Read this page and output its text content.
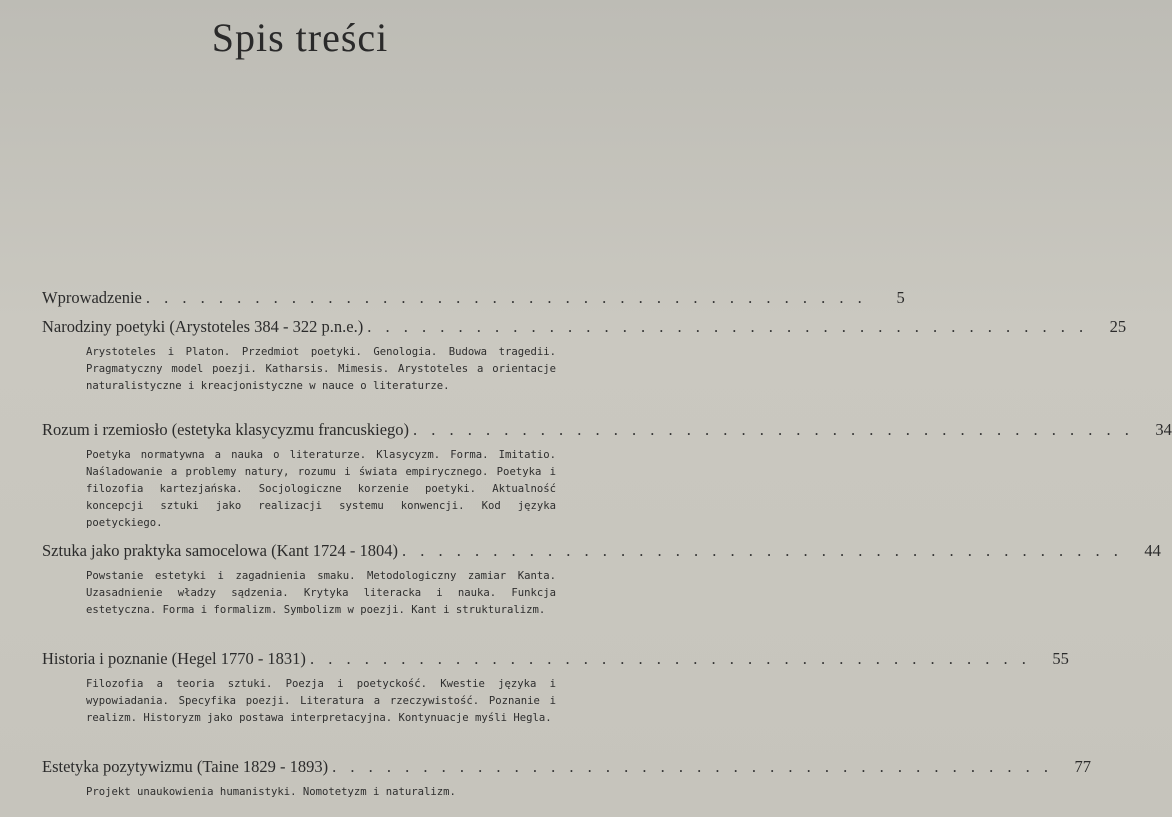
Spis treści
Wprowadzenie . . . . . . . . . . . . . . . . . . . . . . . . . . . . . . . . . . . . . . . .	5
Narodziny poetyki (Arystoteles 384 - 322 p.n.e.) . . . . . . . . . . . . . . . . . . . . . . . . . . . . . . . . . . . . . . . .	25
Arystoteles i Platon. Przedmiot poetyki. Genologia. Budowa tragedii. Pragmatyczny model poezji. Katharsis. Mimesis. Arystoteles a orientacje naturalistyczne i kreacjonistyczne w nauce o literaturze.
Rozum i rzemiosło (estetyka klasycyzmu francuskiego) . . . . . . . . . . . . . . . . . . . . . . . . . . . . . . . . . . . . . . . .	34
Poetyka normatywna a nauka o literaturze. Klasycyzm. Forma. Imitatio. Naśladowanie a problemy natury, rozumu i świata empirycznego. Poetyka i filozofia kartezjańska. Socjologiczne korzenie poetyki. Aktualność koncepcji sztuki jako realizacji systemu konwencji. Kod języka poetyckiego.
Sztuka jako praktyka samocelowa (Kant 1724 - 1804) . . . . . . . . . . . . . . . . . . . . . . . . . . . . . . . . . . . . . . . .	44
Powstanie estetyki i zagadnienia smaku. Metodologiczny zamiar Kanta. Uzasadnienie władzy sądzenia. Krytyka literacka i nauka. Funkcja estetyczna. Forma i formalizm. Symbolizm w poezji. Kant i strukturalizm.
Historia i poznanie (Hegel 1770 - 1831) . . . . . . . . . . . . . . . . . . . . . . . . . . . . . . . . . . . . . . . .	55
Filozofia a teoria sztuki. Poezja i poetyckość. Kwestie języka i wypowiadania. Specyfika poezji. Literatura a rzeczywistość. Poznanie i realizm. Historyzm jako postawa interpretacyjna. Kontynuacje myśli Hegla.
Estetyka pozytywizmu (Taine 1829 - 1893) . . . . . . . . . . . . . . . . . . . . . . . . . . . . . . . . . . . . . . . .	77
Projekt unaukowienia humanistyki. Nomotetyzm i naturalizm.
